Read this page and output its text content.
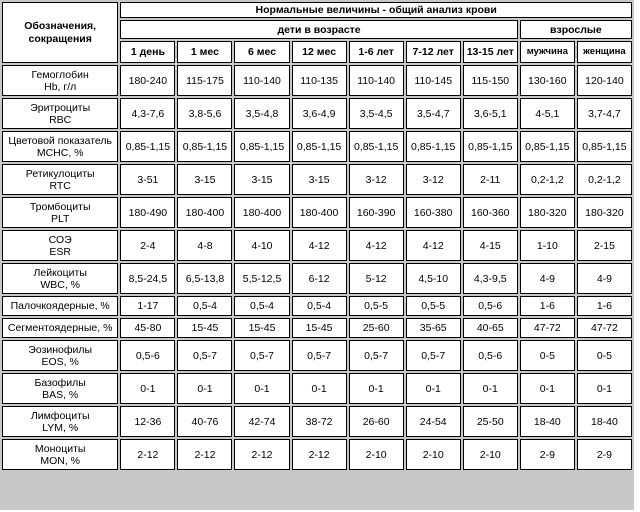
Обозначения,
сокращения	Нормальные величины - общий анализ крови								
	дети в возрасте							взрослые	
	1 день	1 мес	6 мес	12 мес	1-6 лет	7-12 лет	13-15 лет	мужчина	женщина

Гемоглобин
Hb, г/л	180-240	115-175	110-140	110-135	110-140	110-145	115-150	130-160	120-140

Эритроциты
RBC	4,3-7,6	3,8-5,6	3,5-4,8	3,6-4,9	3,5-4,5	3,5-4,7	3,6-5,1	4-5,1	3,7-4,7

Цветовой показатель
MCHC, %	0,85-1,15	0,85-1,15	0,85-1,15	0,85-1,15	0,85-1,15	0,85-1,15	0,85-1,15	0,85-1,15	0,85-1,15

Ретикулоциты
RTC	3-51	3-15	3-15	3-15	3-12	3-12	2-11	0,2-1,2	0,2-1,2

Тромбоциты
PLT	180-490	180-400	180-400	180-400	160-390	160-380	160-360	180-320	180-320

СОЭ
ESR	2-4	4-8	4-10	4-12	4-12	4-12	4-15	1-10	2-15

Лейкоциты
WBC, %	8,5-24,5	6,5-13,8	5,5-12,5	6-12	5-12	4,5-10	4,3-9,5	4-9	4-9

Палочкоядерные, %	1-17	0,5-4	0,5-4	0,5-4	0,5-5	0,5-5	0,5-6	1-6	1-6

Сегментоядерные, %	45-80	15-45	15-45	15-45	25-60	35-65	40-65	47-72	47-72

Эозинофилы
EOS, %	0,5-6	0,5-7	0,5-7	0,5-7	0,5-7	0,5-7	0,5-6	0-5	0-5

Базофилы
BAS, %	0-1	0-1	0-1	0-1	0-1	0-1	0-1	0-1	0-1

Лимфоциты
LYM, %	12-36	40-76	42-74	38-72	26-60	24-54	25-50	18-40	18-40

Моноциты
MON, %	2-12	2-12	2-12	2-12	2-10	2-10	2-10	2-9	2-9
